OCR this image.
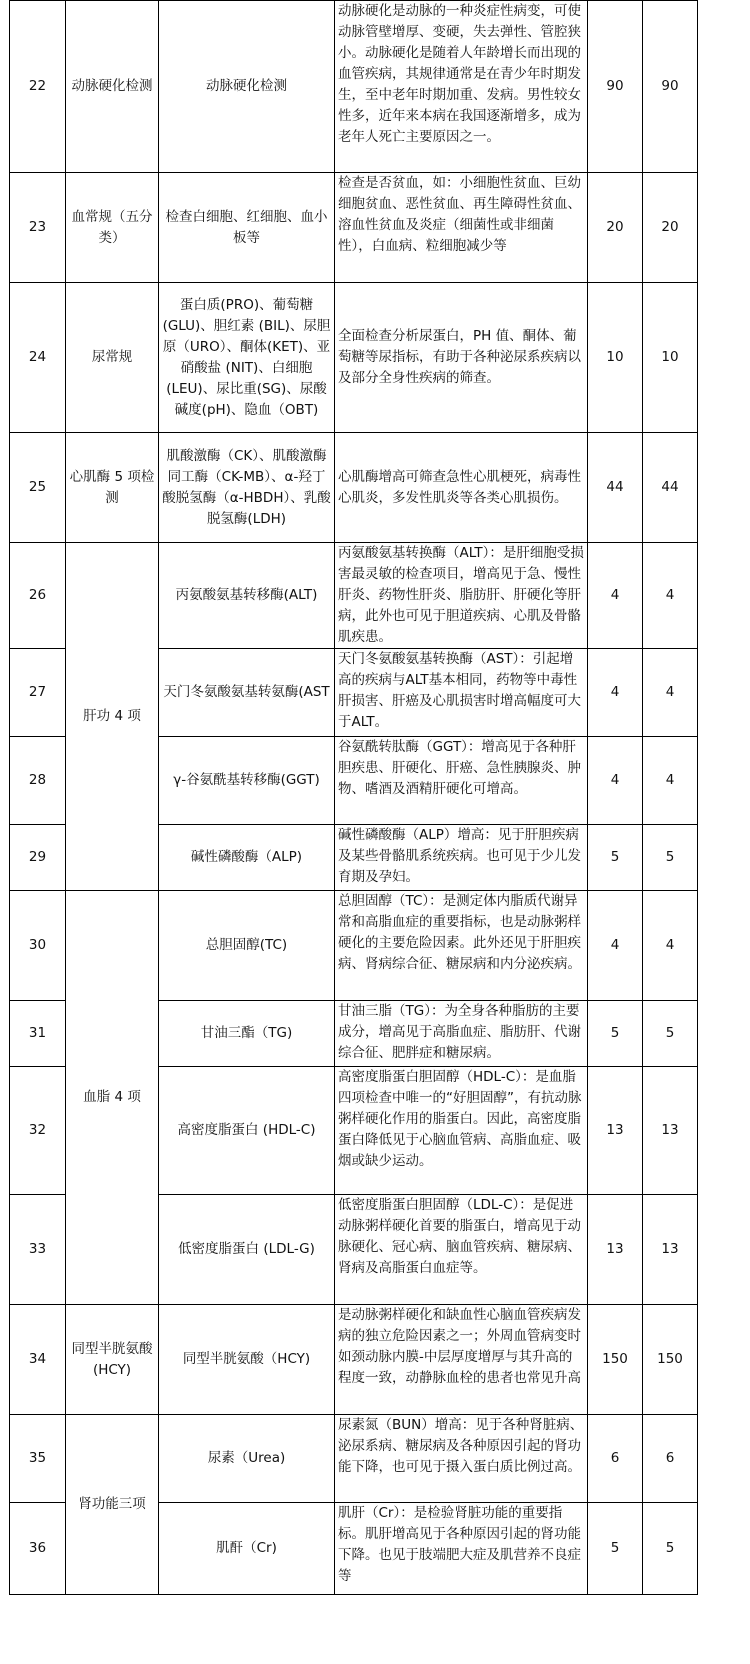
22	动脉硬化检测	动脉硬化检测	动脉硬化是动脉的一种炎症性病变，可使动脉管壁增厚、变硬，失去弹性、管腔狭小。动脉硬化是随着人年龄增长而出现的血管疾病，其规律通常是在青少年时期发生，至中老年时期加重、发病。男性较女性多，近年来本病在我国逐渐增多，成为老年人死亡主要原因之一。	90	90
23	血常规（五分类）	检查白细胞、红细胞、血小板等	检查是否贫血，如：小细胞性贫血、巨幼细胞贫血、恶性贫血、再生障碍性贫血、溶血性贫血及炎症（细菌性或非细菌性），白血病、粒细胞减少等	20	20
24	尿常规	蛋白质(PRO)、葡萄糖(GLU)、胆红素 (BIL)、尿胆原（URO）、酮体(KET)、亚硝酸盐 (NIT)、白细胞 (LEU)、尿比重(SG)、尿酸碱度(pH)、隐血（OBT)	全面检查分析尿蛋白，PH 值、酮体、葡萄糖等尿指标，有助于各种泌尿系疾病以及部分全身性疾病的筛查。	10	10
25	心肌酶 5 项检测	肌酸激酶（CK）、肌酸激酶同工酶（CK-MB）、α-羟丁酸脱氢酶（α-HBDH）、乳酸脱氢酶(LDH)	心肌酶增高可筛查急性心肌梗死，病毒性心肌炎，多发性肌炎等各类心肌损伤。	44	44
26	肝功 4 项	丙氨酸氨基转移酶(ALT)	丙氨酸氨基转换酶（ALT）：是肝细胞受损害最灵敏的检查项目，增高见于急、慢性肝炎、药物性肝炎、脂肪肝、肝硬化等肝病，此外也可见于胆道疾病、心肌及骨骼肌疾患。	4	4
27		天门冬氨酸氨基转氨酶(AST	天门冬氨酸氨基转换酶（AST）：引起增高的疾病与ALT基本相同，药物等中毒性肝损害、肝癌及心肌损害时增高幅度可大于ALT。	4	4
28		γ-谷氨酰基转移酶(GGT)	谷氨酰转肽酶（GGT）：增高见于各种肝胆疾患、肝硬化、肝癌、急性胰腺炎、肿物、嗜酒及酒精肝硬化可增高。	4	4
29		碱性磷酸酶（ALP)	碱性磷酸酶（ALP）增高：见于肝胆疾病及某些骨骼肌系统疾病。也可见于少儿发育期及孕妇。	5	5
30	血脂 4 项	总胆固醇(TC)	总胆固醇（TC）：是测定体内脂质代谢异常和高脂血症的重要指标，也是动脉粥样硬化的主要危险因素。此外还见于肝胆疾病、肾病综合征、糖尿病和内分泌疾病。	4	4
31		甘油三酯（TG)	甘油三脂（TG）：为全身各种脂肪的主要成分，增高见于高脂血症、脂肪肝、代谢综合征、肥胖症和糖尿病。	5	5
32		高密度脂蛋白 (HDL-C)	高密度脂蛋白胆固醇（HDL-C）：是血脂四项检查中唯一的“好胆固醇”，有抗动脉粥样硬化作用的脂蛋白。因此，高密度脂蛋白降低见于心脑血管病、高脂血症、吸烟或缺少运动。	13	13
33		低密度脂蛋白 (LDL-G)	低密度脂蛋白胆固醇（LDL-C）：是促进动脉粥样硬化首要的脂蛋白，增高见于动脉硬化、冠心病、脑血管疾病、糖尿病、肾病及高脂蛋白血症等。	13	13
34	同型半胱氨酸(HCY)	同型半胱氨酸（HCY)	是动脉粥样硬化和缺血性心脑血管疾病发病的独立危险因素之一；外周血管病变时如颈动脉内膜-中层厚度增厚与其升高的程度一致，动静脉血栓的患者也常见升高	150	150
35	肾功能三项	尿素（Urea)	尿素氮（BUN）增高：见于各种肾脏病、泌尿系病、糖尿病及各种原因引起的肾功能下降，也可见于摄入蛋白质比例过高。	6	6
36		肌酐（Cr)	肌肝（Cr）：是检验肾脏功能的重要指标。肌肝增高见于各种原因引起的肾功能下降。也见于肢端肥大症及肌营养不良症等	5	5
